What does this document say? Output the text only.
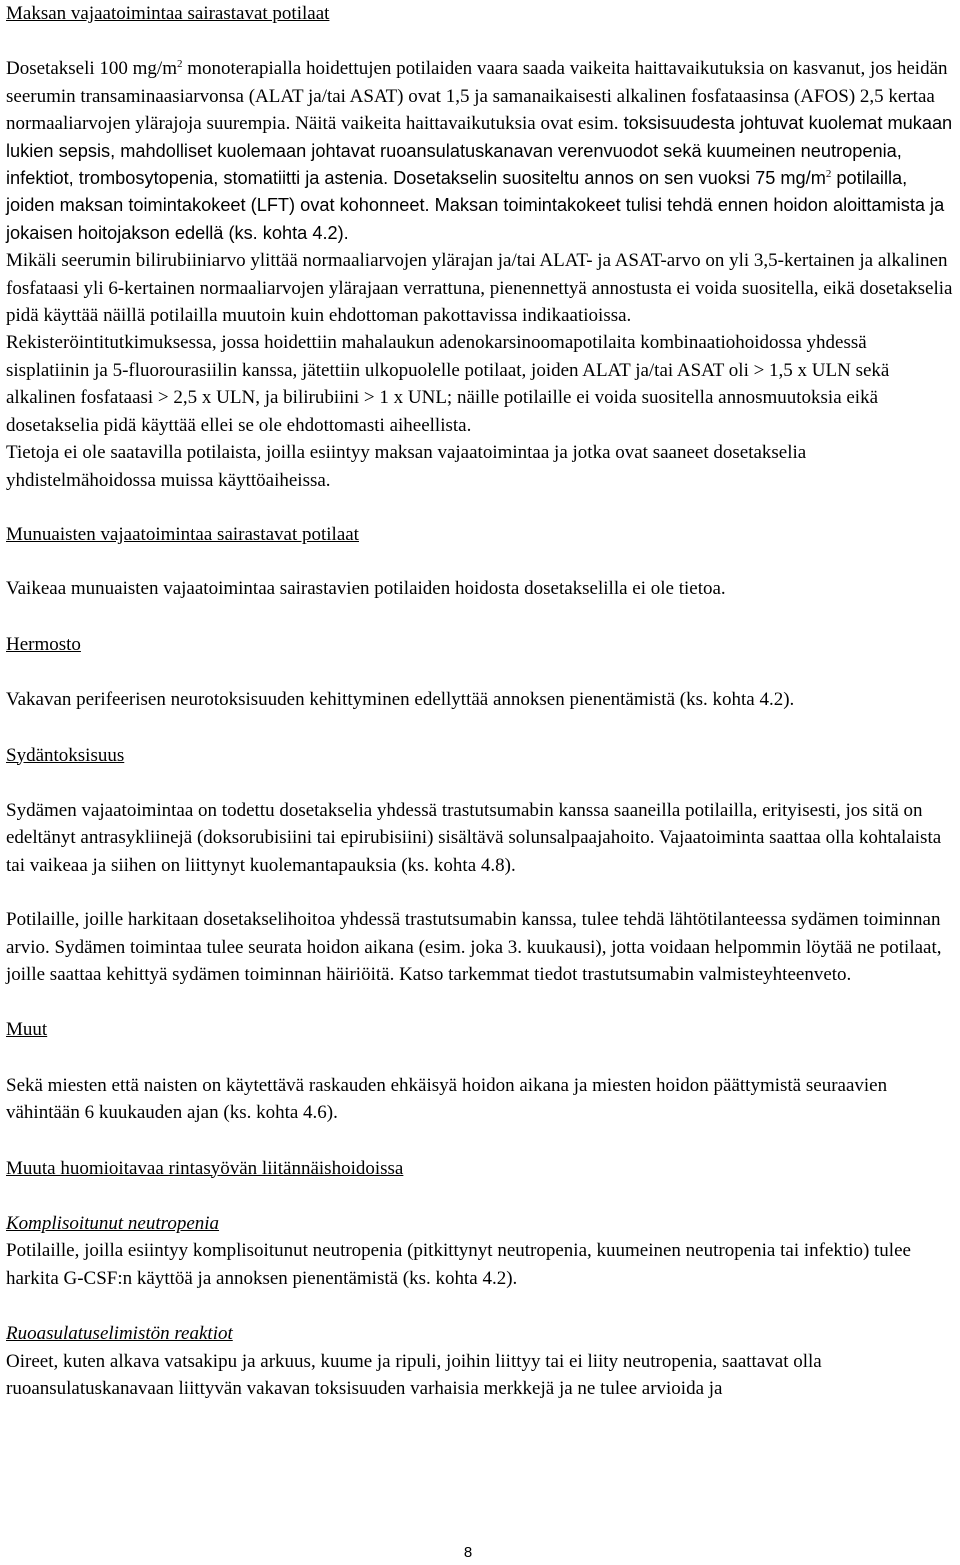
Maksan vajaatoimintaa sairastavat potilaat

Dosetakseli 100 $mg/m^2$ monoterapialla hoidettujen potilaiden vaara saada vaikeita haittavaikutuksia on kasvanut, jos heidän seerumin transaminaasiarvonsa (ALAT ja/tai ASAT) ovat 1,5 ja samanaikaisesti alkalinen fosfataasinsa (AFOS) 2,5 kertaa normaaliarvojen ylärajoja suurempia. Näitä vaikeita haittavaikutuksia ovat esim. toksisuudesta johtuvat kuolemat mukaan lukien sepsis, mahdolliset kuolemaan johtavat ruoansulatuskanavan verenvuodot sekä kuumeinen neutropenia, infektiot, trombosytopenia, stomatiitti ja astenia. Dosetakselin suositeltu annos on sen vuoksi 75 $mg/m^2$ potilailla, joiden maksan toimintakokeet (LFT) ovat kohonneet. Maksan toimintakokeet tulisi tehdä ennen hoidon aloittamista ja jokaisen hoitojakson edellä (ks. kohta 4.2).

Mikäli seerumin bilirubiiniarvo ylittää normaaliarvojen ylärajan ja/tai ALAT- ja ASAT-arvo on yli 3,5-kertainen ja alkalinen fosfataasi yli 6-kertainen normaaliarvojen ylärajaan verrattuna, pienennettyä annostusta ei voida suositella, eikä dosetakselia pidä käyttää näillä potilailla muutoin kuin ehdottoman pakottavissa indikaatioissa.

Rekisteröintitutkimuksessa, jossa hoidettiin mahalaukun adenokarsinoomapotilaita kombinaatiohoidossa yhdessä sisplatiinin ja 5-fluorourasiilin kanssa, jätettiin ulkopuolelle potilaat, joiden ALAT ja/tai ASAT oli > 1,5 x ULN sekä alkalinen fosfataasi > 2,5 x ULN, ja bilirubiini > 1 x UNL; näille potilaille ei voida suositella annosmuutoksia eikä dosetakselia pidä käyttää ellei se ole ehdottomasti aiheellista.

Tietoja ei ole saatavilla potilaista, joilla esiintyy maksan vajaatoimintaa ja jotka ovat saaneet dosetakselia yhdistelmähoidossa muissa käyttöaiheissa.

Munuaisten vajaatoimintaa sairastavat potilaat

Vaikeaa munuaisten vajaatoimintaa sairastavien potilaiden hoidosta dosetakselilla ei ole tietoa.

Hermosto

Vakavan perifeerisen neurotoksisuuden kehittyminen edellyttää annoksen pienentämistä (ks. kohta 4.2).

Sydäntoksisuus

Sydämen vajaatoimintaa on todettu dosetakselia yhdessä trastutsumabin kanssa saaneilla potilailla, erityisesti, jos sitä on edeltänyt antrasykliinejä (doksorubisiini tai epirubisiini) sisältävä solunsalpaajahoito. Vajaatoiminta saattaa olla kohtalaista tai vaikeaa ja siihen on liittynyt kuolemantapauksia (ks. kohta 4.8).

Potilaille, joille harkitaan dosetakselihoitoa yhdessä trastutsumabin kanssa, tulee tehdä lähtötilanteessa sydämen toiminnan arvio. Sydämen toimintaa tulee seurata hoidon aikana (esim. joka 3. kuukausi), jotta voidaan helpommin löytää ne potilaat, joille saattaa kehittyä sydämen toiminnan häiriöitä. Katso tarkemmat tiedot trastutsumabin valmisteyhteenveto.

Muut

Sekä miesten että naisten on käytettävä raskauden ehkäisyä hoidon aikana ja miesten hoidon päättymistä seuraavien vähintään 6 kuukauden ajan (ks. kohta 4.6).

Muuta huomioitavaa rintasyövän liitännäishoidoissa

Komplisoitunut neutropenia

Potilaille, joilla esiintyy komplisoitunut neutropenia (pitkittynyt neutropenia, kuumeinen neutropenia tai infektio) tulee harkita G-CSF:n käyttöä ja annoksen pienentämistä (ks. kohta 4.2).

Ruoasulatuselimistön reaktiot

Oireet, kuten alkava vatsakipu ja arkuus, kuume ja ripuli, joihin liittyy tai ei liity neutropenia, saattavat olla ruoansulatuskanavaan liittyvän vakavan toksisuuden varhaisia merkkejä ja ne tulee arvioida ja

8
